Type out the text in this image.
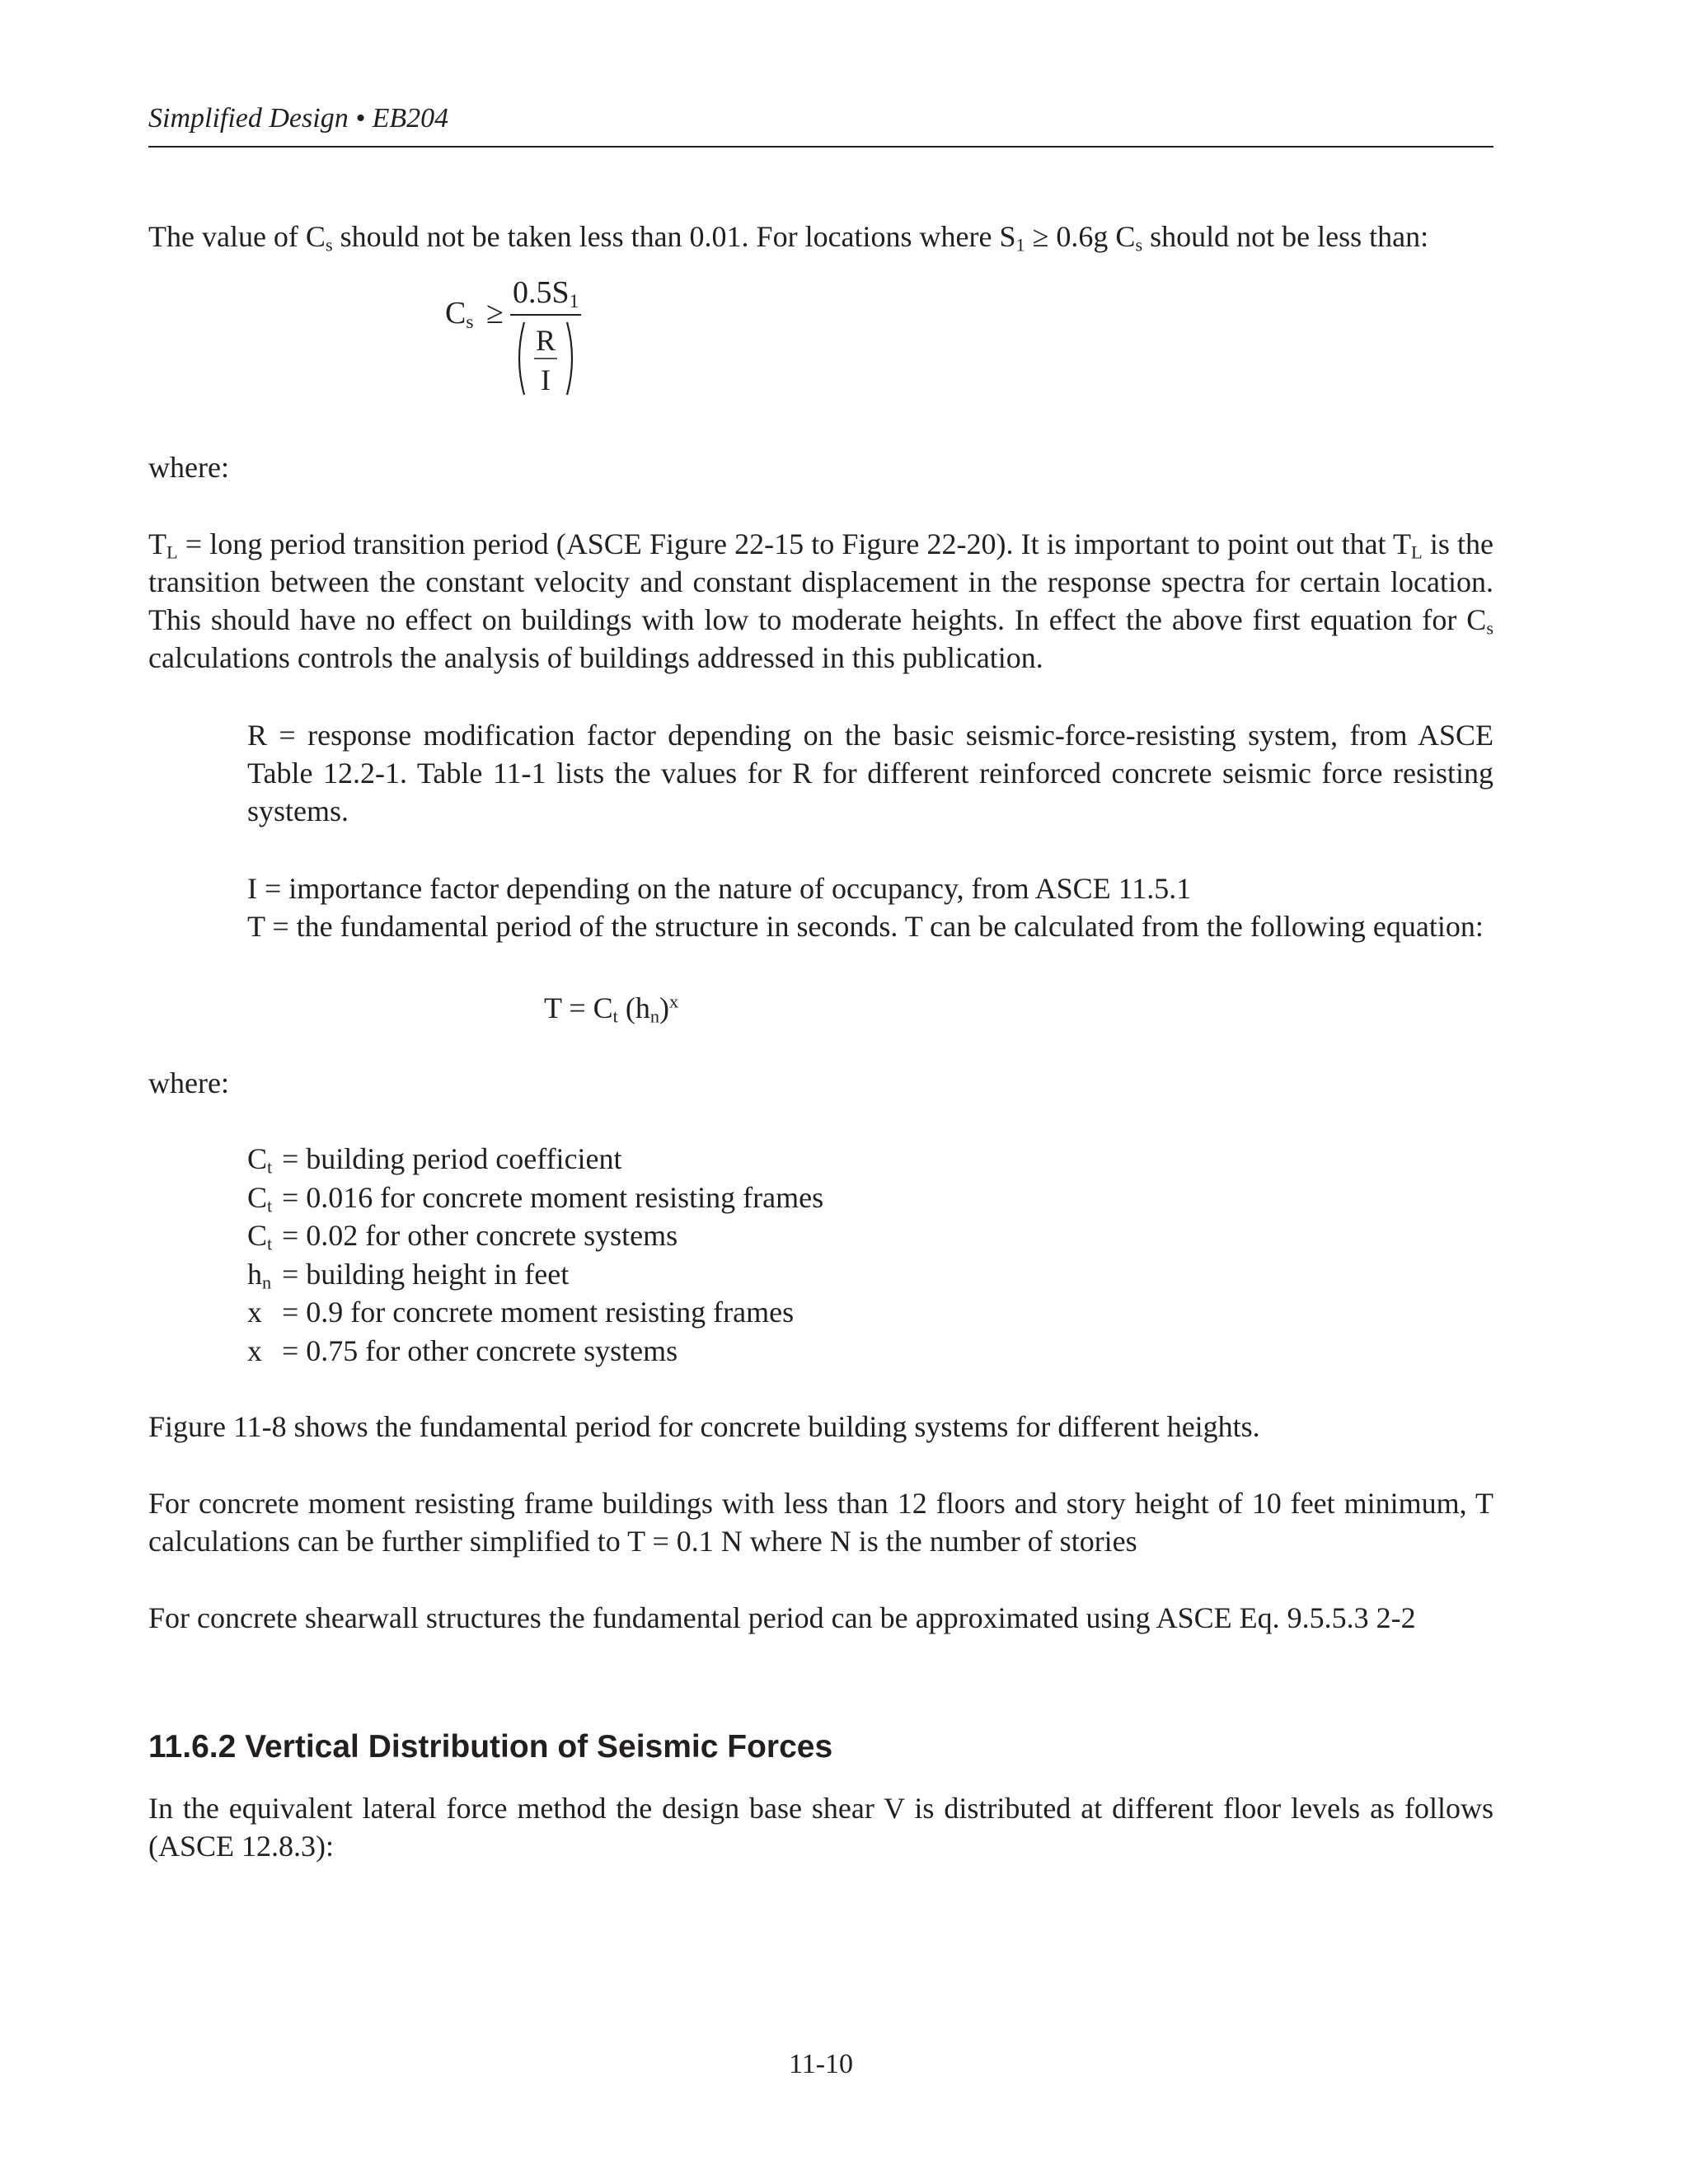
Simplified Design • EB204
The value of $C_s$ should not be taken less than 0.01. For locations where $S_1 \ge 0.6g$ $C_s$ should not be less than:
$C_s$ ≥
$0.5S_1$
R
I
where:
$T_L$ = long period transition period (ASCE Figure 22-15 to Figure 22-20). It is important to point out that $T_L$ is the transition between the constant velocity and constant displacement in the response spectra for certain location. This should have no effect on buildings with low to moderate heights. In effect the above first equation for $C_s$ calculations controls the analysis of buildings addressed in this publication.
R = response modification factor depending on the basic seismic-force-resisting system, from ASCE Table 12.2-1. Table 11-1 lists the values for R for different reinforced concrete seismic force resisting systems.
I = importance factor depending on the nature of occupancy, from ASCE 11.5.1
T = the fundamental period of the structure in seconds. T can be calculated from the following equation:
$T = C_t$ $(h_n)^x$
where:
$C_t$ = building period coefficient
$C_t = 0.016$ for concrete moment resisting frames
$C_t = 0.02$ for other concrete systems
$h_n$ = building height in feet
x = 0.9 for concrete moment resisting frames
x = 0.75 for other concrete systems
Figure 11-8 shows the fundamental period for concrete building systems for different heights.
For concrete moment resisting frame buildings with less than 12 floors and story height of 10 feet minimum, T calculations can be further simplified to T = 0.1 N where N is the number of stories
For concrete shearwall structures the fundamental period can be approximated using ASCE Eq. 9.5.5.3 2-2
11.6.2 Vertical Distribution of Seismic Forces
In the equivalent lateral force method the design base shear V is distributed at different floor levels as follows (ASCE 12.8.3):
11-10
